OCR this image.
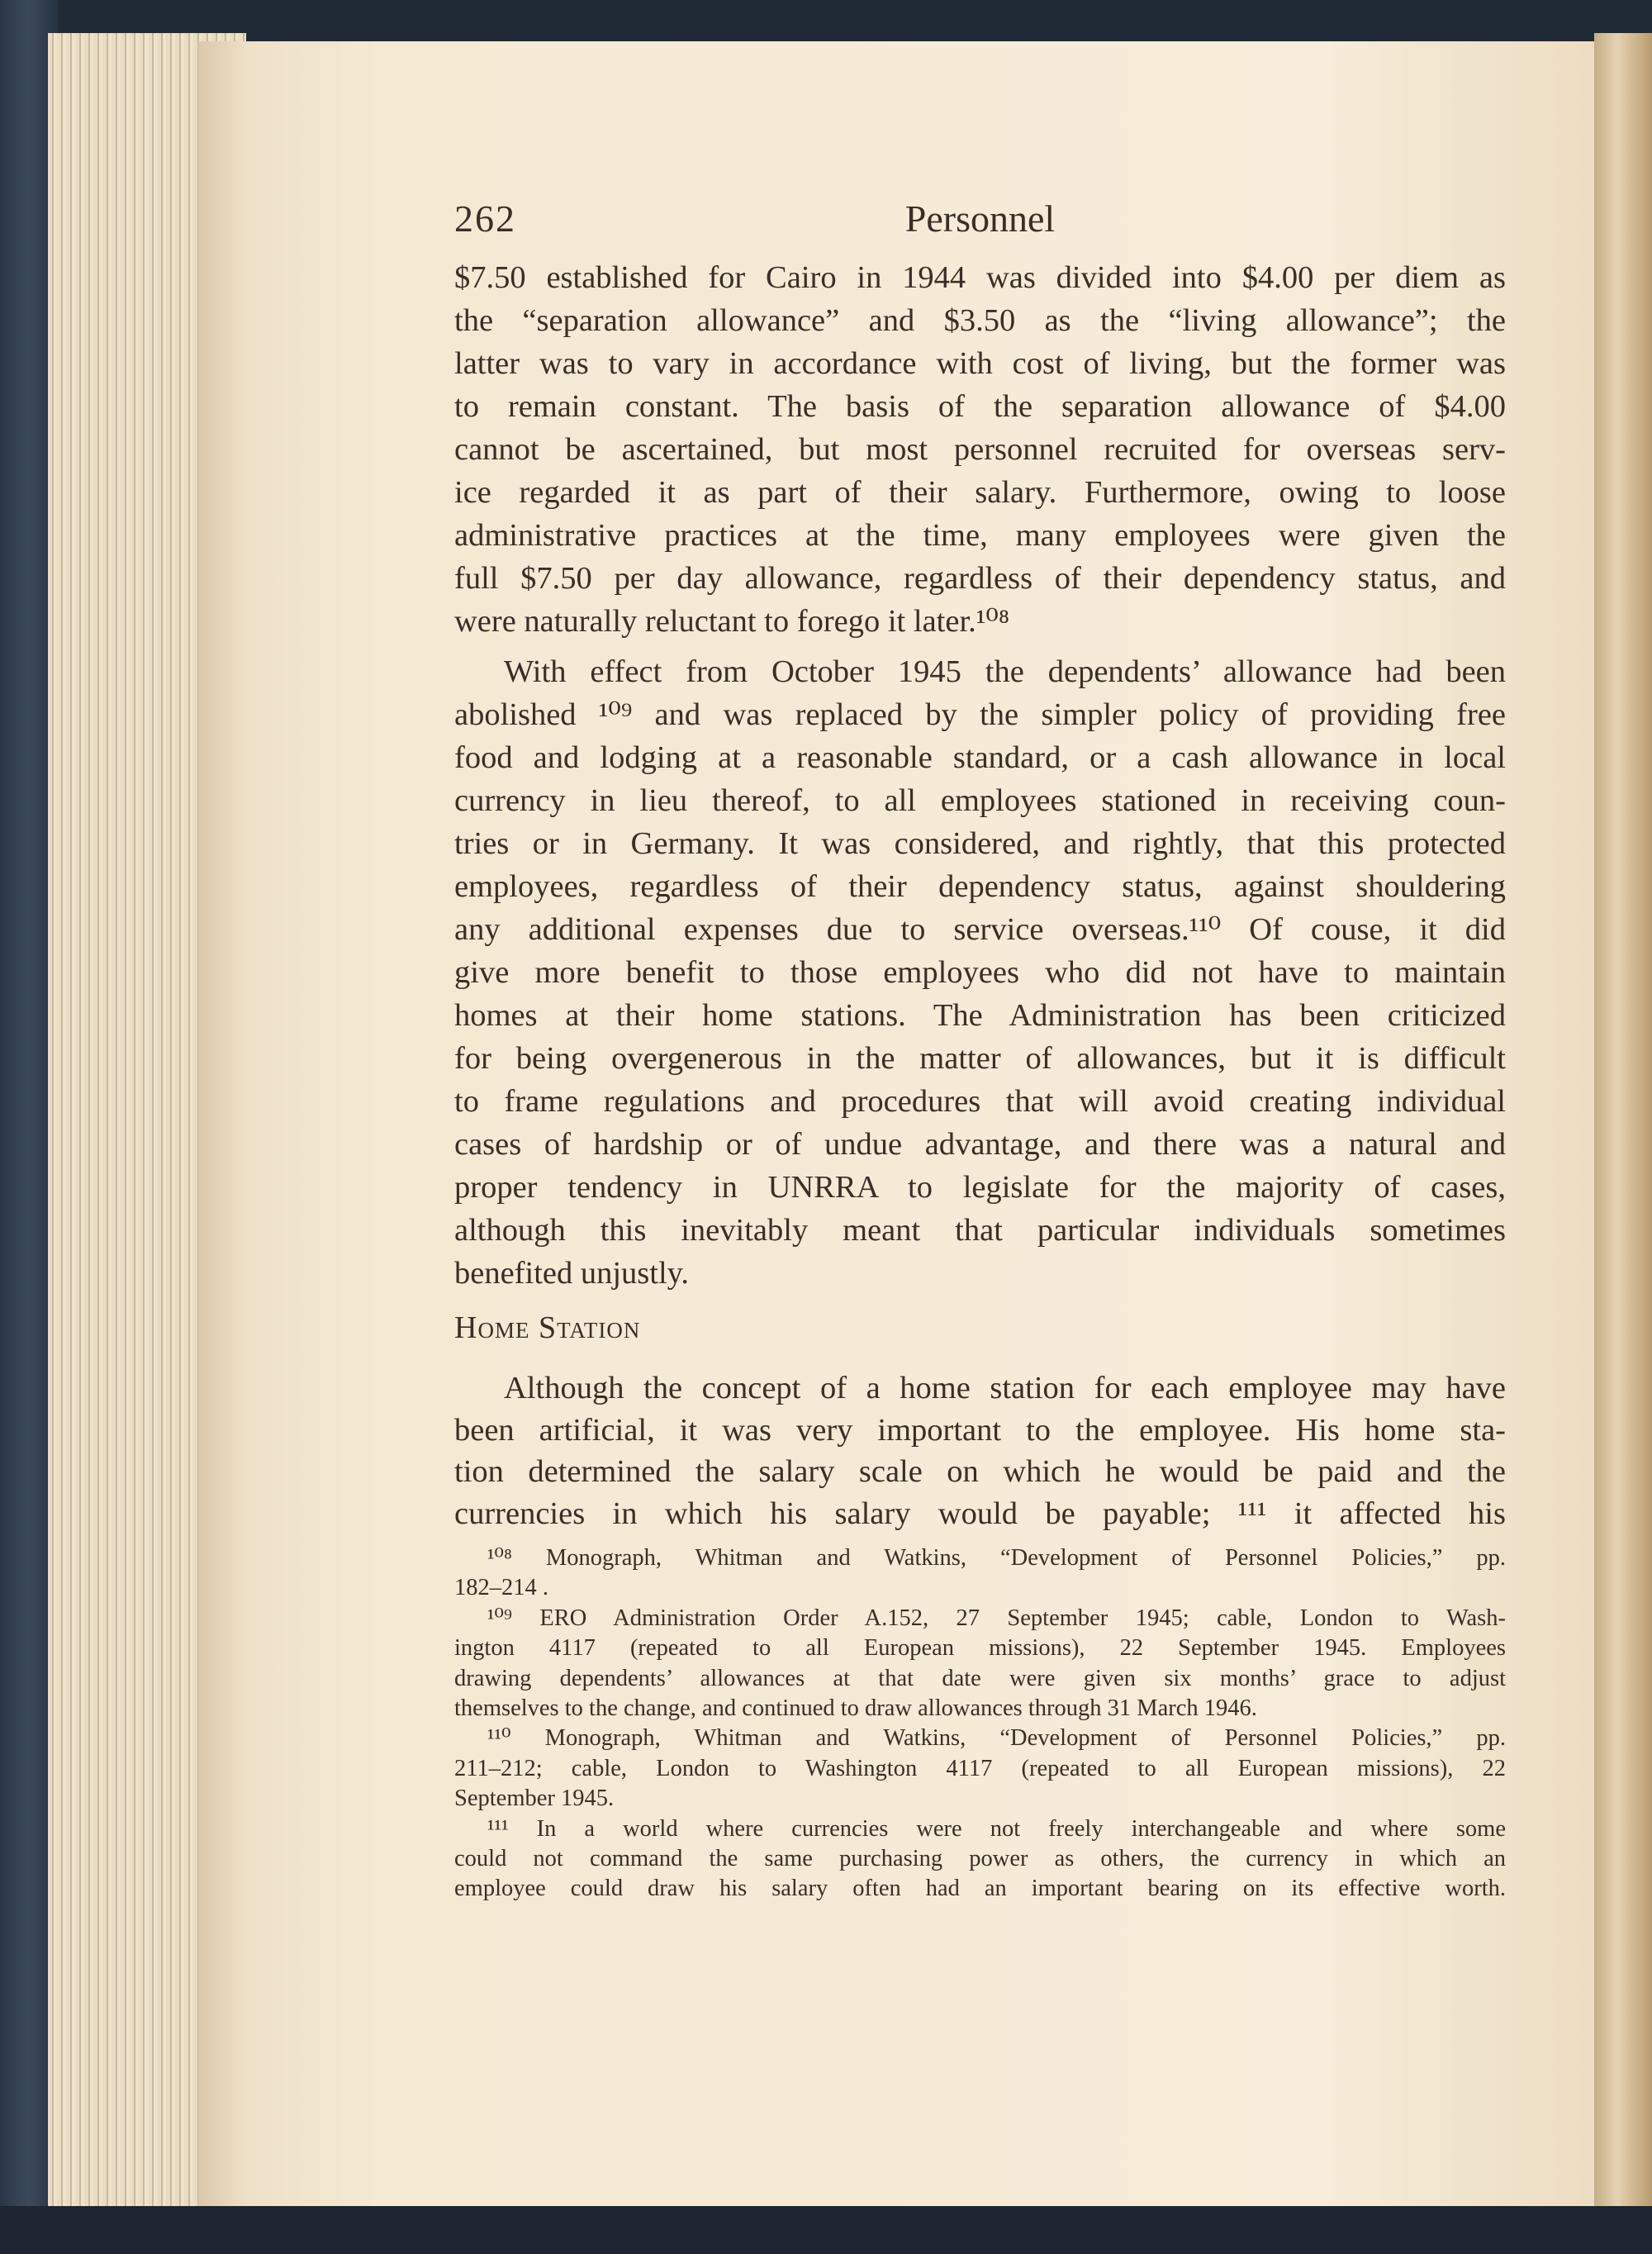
262	Personnel
$7.50 established for Cairo in 1944 was divided into $4.00 per diem as
the “separation allowance” and $3.50 as the “living allowance”; the
latter was to vary in accordance with cost of living, but the former was
to remain constant. The basis of the separation allowance of $4.00
cannot be ascertained, but most personnel recruited for overseas serv-
ice regarded it as part of their salary. Furthermore, owing to loose
administrative practices at the time, many employees were given the
full $7.50 per day allowance, regardless of their dependency status, and
were naturally reluctant to forego it later.¹⁰⁸
With effect from October 1945 the dependents’ allowance had been
abolished ¹⁰⁹ and was replaced by the simpler policy of providing free
food and lodging at a reasonable standard, or a cash allowance in local
currency in lieu thereof, to all employees stationed in receiving coun-
tries or in Germany. It was considered, and rightly, that this protected
employees, regardless of their dependency status, against shouldering
any additional expenses due to service overseas.¹¹⁰ Of couse, it did
give more benefit to those employees who did not have to maintain
homes at their home stations. The Administration has been criticized
for being overgenerous in the matter of allowances, but it is difficult
to frame regulations and procedures that will avoid creating individual
cases of hardship or of undue advantage, and there was a natural and
proper tendency in UNRRA to legislate for the majority of cases,
although this inevitably meant that particular individuals sometimes
benefited unjustly.
Home Station
Although the concept of a home station for each employee may have
been artificial, it was very important to the employee. His home sta-
tion determined the salary scale on which he would be paid and the
currencies in which his salary would be payable; ¹¹¹ it affected his
¹⁰⁸ Monograph, Whitman and Watkins, “Development of Personnel Policies,” pp.
182–214 .
¹⁰⁹ ERO Administration Order A.152, 27 September 1945; cable, London to Wash-
ington 4117 (repeated to all European missions), 22 September 1945. Employees
drawing dependents’ allowances at that date were given six months’ grace to adjust
themselves to the change, and continued to draw allowances through 31 March 1946.
¹¹⁰ Monograph, Whitman and Watkins, “Development of Personnel Policies,” pp.
211–212; cable, London to Washington 4117 (repeated to all European missions), 22
September 1945.
¹¹¹ In a world where currencies were not freely interchangeable and where some
could not command the same purchasing power as others, the currency in which an
employee could draw his salary often had an important bearing on its effective worth.
